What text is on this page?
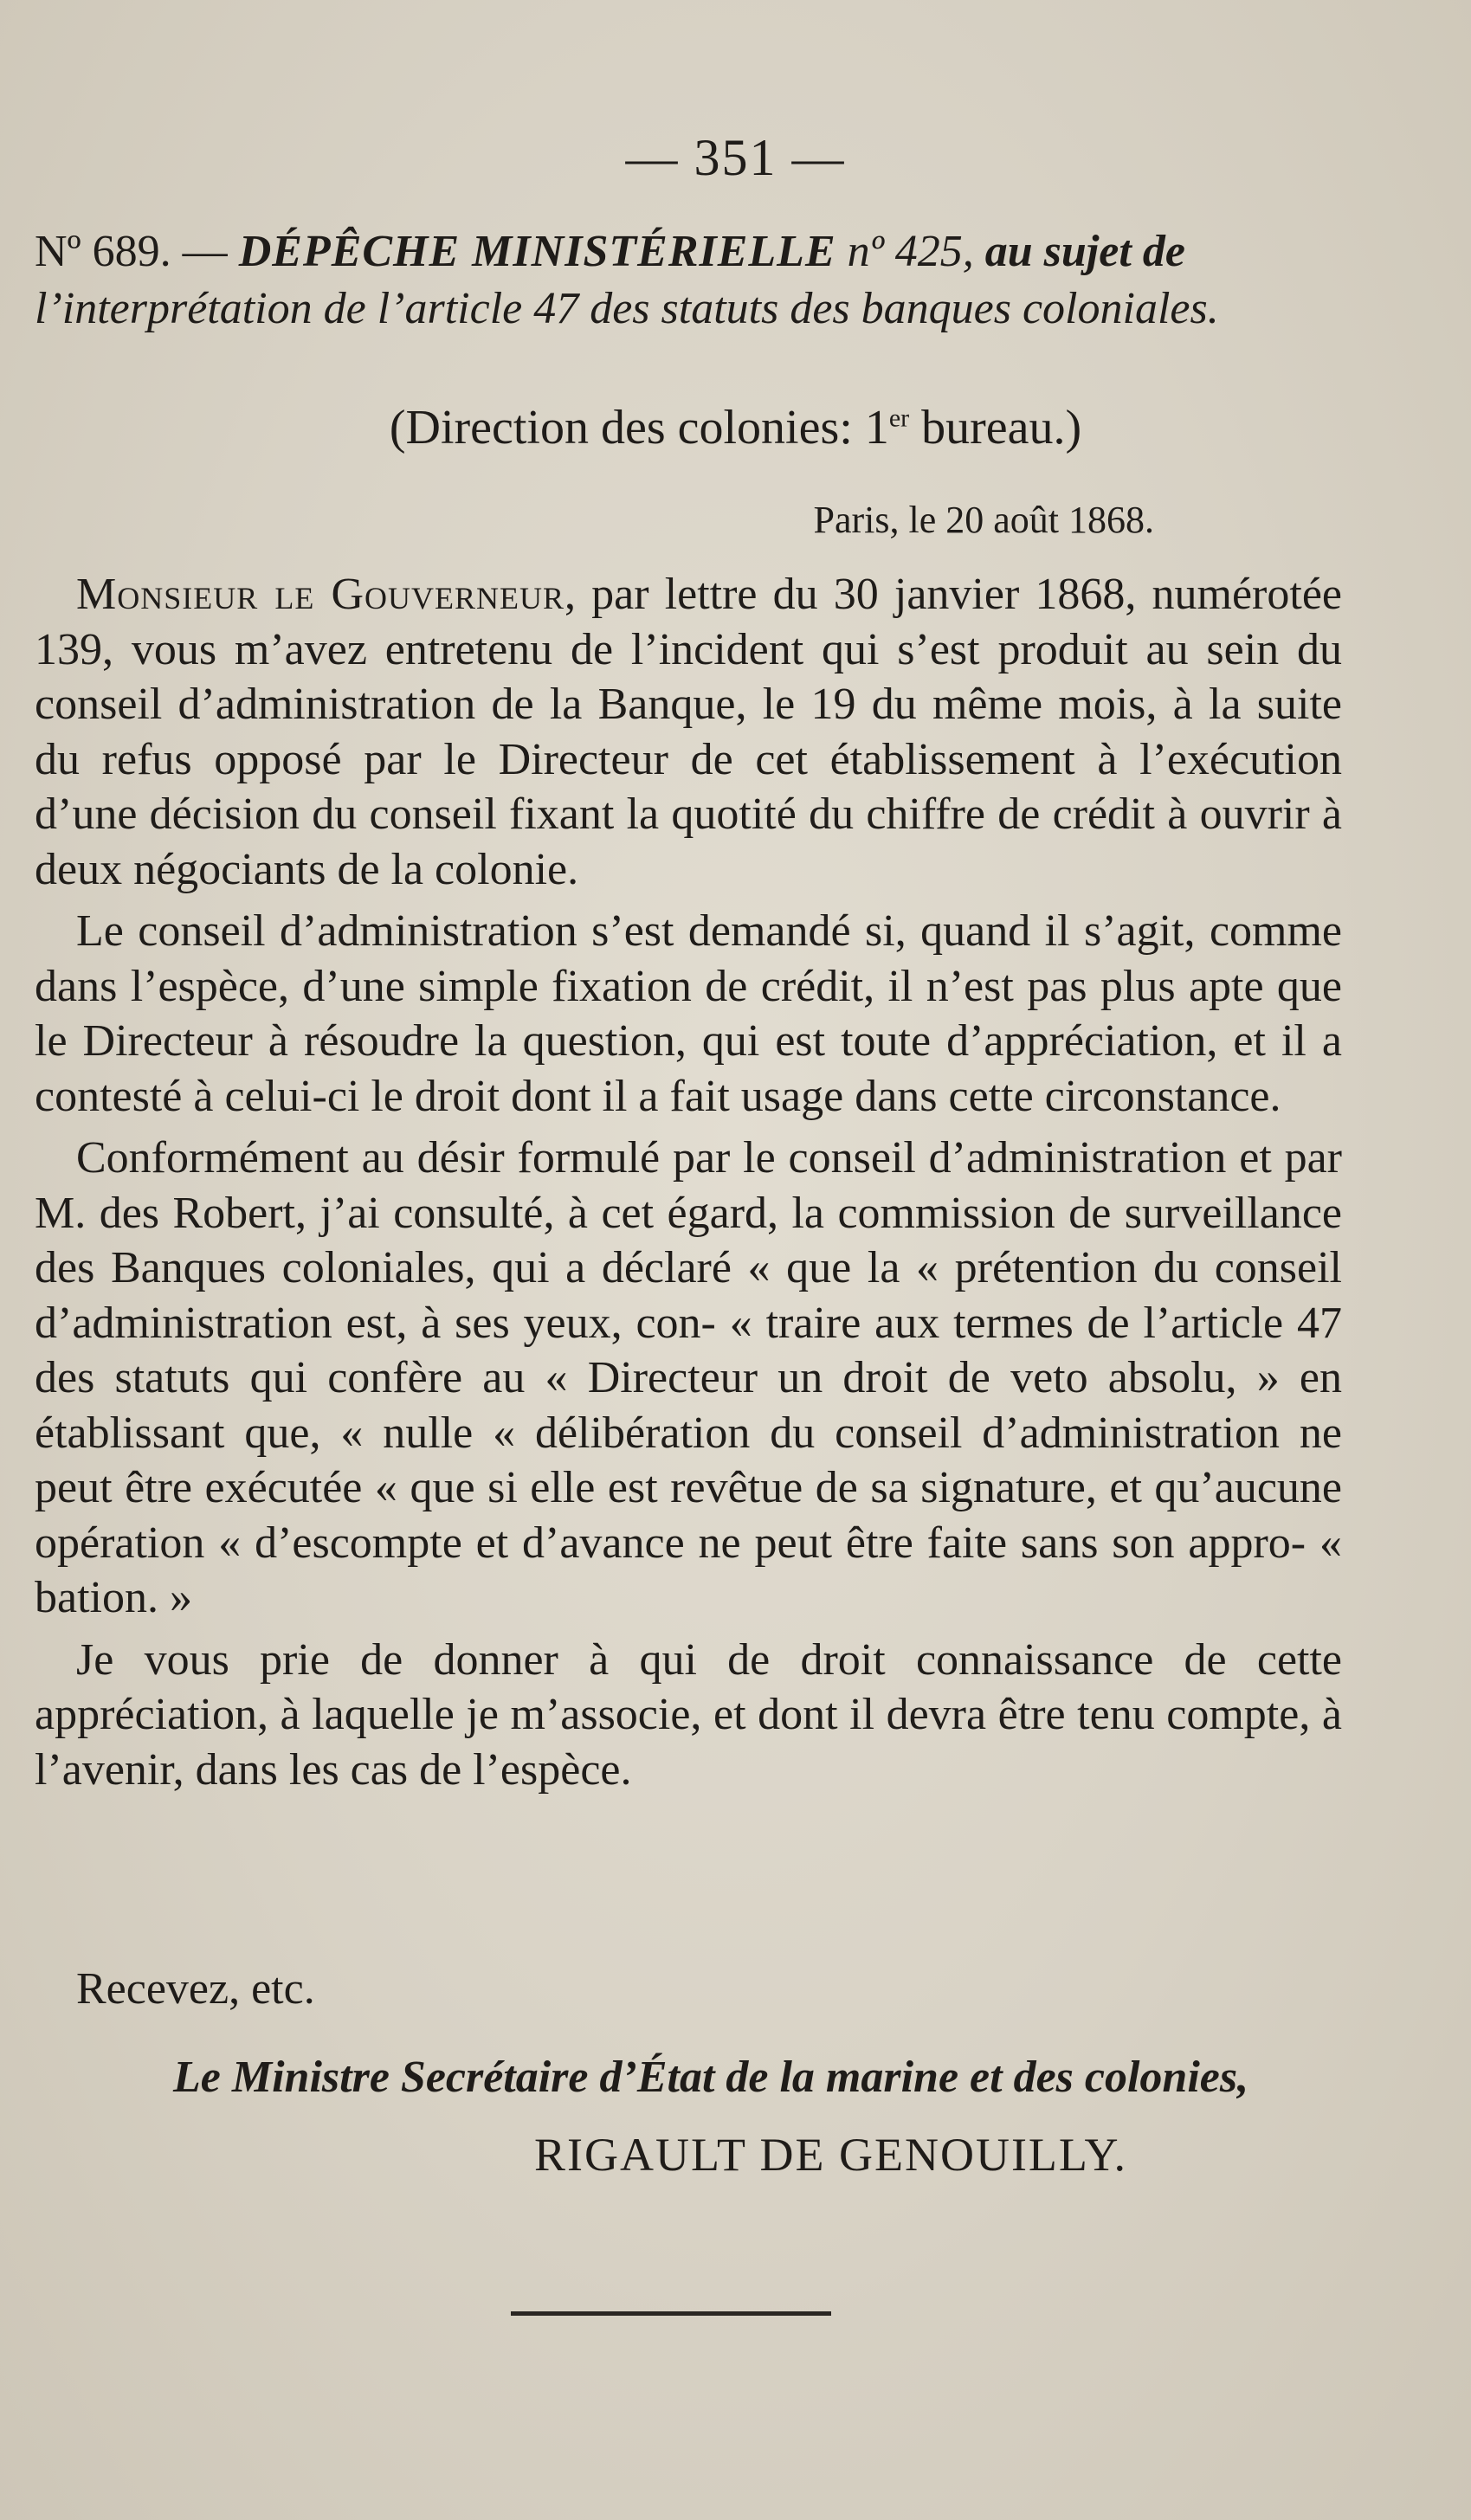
— 351 —
Nº 689. — DÉPÊCHE MINISTÉRIELLE nº 425, au sujet de
l’interprétation de l’article 47 des statuts des banques coloniales.
(Direction des colonies: 1er bureau.)
Paris, le 20 août 1868.

Monsieur le Gouverneur, par lettre du 30 janvier 1868, numérotée 139, vous m’avez entretenu de l’incident qui s’est produit au sein du conseil d’administration de la Banque, le 19 du même mois, à la suite du refus opposé par le Directeur de cet établissement à l’exécution d’une décision du conseil fixant la quotité du chiffre de crédit à ouvrir à deux négociants de la colonie.

Le conseil d’administration s’est demandé si, quand il s’agit, comme dans l’espèce, d’une simple fixation de crédit, il n’est pas plus apte que le Directeur à résoudre la question, qui est toute d’appréciation, et il a contesté à celui-ci le droit dont il a fait usage dans cette circonstance.

Conformément au désir formulé par le conseil d’administration et par M. des Robert, j’ai consulté, à cet égard, la commission de surveillance des Banques coloniales, qui a déclaré « que la « prétention du conseil d’administration est, à ses yeux, con- « traire aux termes de l’article 47 des statuts qui confère au « Directeur un droit de veto absolu, » en établissant que, « nulle « délibération du conseil d’administration ne peut être exécutée « que si elle est revêtue de sa signature, et qu’aucune opération « d’escompte et d’avance ne peut être faite sans son appro- « bation. »

Je vous prie de donner à qui de droit connaissance de cette appréciation, à laquelle je m’associe, et dont il devra être tenu compte, à l’avenir, dans les cas de l’espèce.

Recevez, etc.
Le Ministre Secrétaire d’État de la marine et des colonies,
RIGAULT DE GENOUILLY.
